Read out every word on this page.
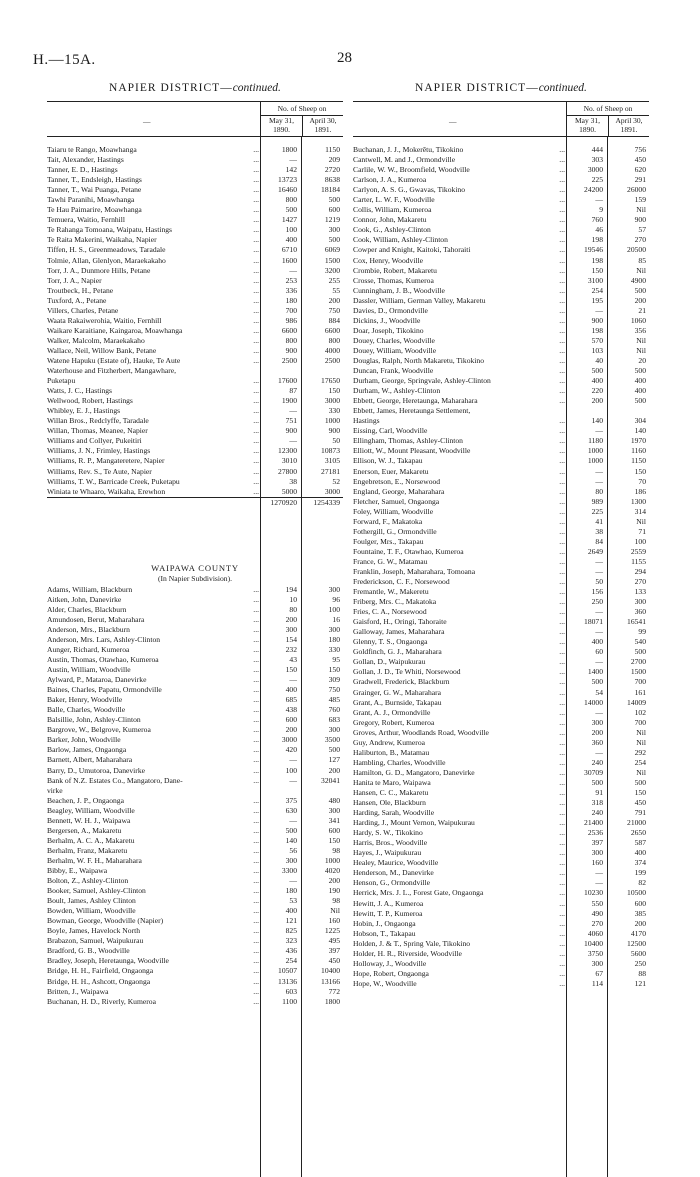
H.—15A.	28
NAPIER DISTRICT—continued.
—
No. of Sheep on
May 31, 1890.
April 30, 1891.
Taiaru te Rango, Moawhanga	...	1800	1150
Tait, Alexander, Hastings	...	—	209
Tanner, E. D., Hastings	...	142	2720
Tanner, T., Endsleigh, Hastings	...	13723	8638
Tanner, T., Wai Puanga, Petane	...	16460	18184
Tawhi Paranihi, Moawhanga	...	800	500
Te Hau Paimarire, Moawhanga	...	500	600
Temuera, Waitio, Fernhill	...	1427	1219
Te Rahanga Tomoana, Waipatu, Hastings	...	100	300
Te Raita Makerini, Waikaha, Napier	...	400	500
Tiffen, H. S., Greenmeadows, Taradale	...	6710	6069
Tolmie, Allan, Glenlyon, Maraekakaho	...	1600	1500
Torr, J. A., Dunmore Hills, Petane	...	—	3200
Torr, J. A., Napier	...	253	255
Troutbeck, H., Petane	...	336	55
Tuxford, A., Petane	...	180	200
Villers, Charles, Petane	...	700	750
Waata Rakaiwerohia, Waitio, Fernhill	...	986	884
Waikare Karaitiane, Kaingaroa, Moawhanga	...	6600	6600
Walker, Malcolm, Maraekakaho	...	800	800
Wallace, Neil, Willow Bank, Petane	...	900	4000
Watene Hapuku (Estate of), Hauke, Te Aute	...	2500	2500
Waterhouse and Fitzherbert, Mangawhare,
Puketapu	...	17600	17650
Watts, J. C., Hastings	...	87	150
Wellwood, Robert, Hastings	...	1900	3000
Whibley, E. J., Hastings	...	—	330
Willan Bros., Redclyffe, Taradale	...	751	1000
Willan, Thomas, Meanee, Napier	...	900	900
Williams and Collyer, Pukeitiri	...	—	50
Williams, J. N., Frimley, Hastings	...	12300	10873
Williams, R. P., Mangateretere, Napier	...	3010	3105
Williams, Rev. S., Te Aute, Napier	...	27800	27181
Williams, T. W., Barricade Creek, Puketapu	...	38	52
Winiata te Whaaro, Waikaha, Erewhon	...	5000	3000
1270920	1254339
WAIPAWA COUNTY
(In Napier Subdivision).
Adams, William, Blackburn	...	194	300
Aitken, John, Danevirke	...	10	96
Alder, Charles, Blackburn	...	80	100
Amundosen, Berut, Maharahara	...	200	16
Anderson, Mrs., Blackburn	...	300	300
Anderson, Mrs. Lars, Ashley-Clinton	...	154	180
Aunger, Richard, Kumeroa	...	232	330
Austin, Thomas, Otawhao, Kumeroa	...	43	95
Austin, William, Woodville	...	150	150
Aylward, P., Mataroa, Danevirke	...	—	309
Baines, Charles, Papatu, Ormondville	...	400	750
Baker, Henry, Woodville	...	685	485
Balle, Charles, Woodville	...	438	760
Balsillie, John, Ashley-Clinton	...	600	683
Bargrove, W., Belgrove, Kumeroa	...	200	300
Barker, John, Woodville	...	3000	3500
Barlow, James, Ongaonga	...	420	500
Barnett, Albert, Maharahara	...	—	127
Barry, D., Umutoroa, Danevirke	...	100	200
Bank of N.Z. Estates Co., Mangatoro, Dane-	...	—	32041
virke
Beachen, J. P., Ongaonga	...	375	480
Beagley, William, Woodville	...	630	300
Bennett, W. H. J., Waipawa	...	—	341
Bergersen, A., Makaretu	...	500	600
Berhalm, A. C. A., Makaretu	...	140	150
Berhalm, Franz, Makaretu	...	56	98
Berhalm, W. F. H., Maharahara	...	300	1000
Bibby, E., Waipawa	...	3300	4020
Bolton, Z., Ashley-Clinton	...	—	200
Booker, Samuel, Ashley-Clinton	...	180	190
Boult, James, Ashley Clinton	...	53	98
Bowden, William, Woodville	...	400	Nil
Bowman, George, Woodville (Napier)	...	121	160
Boyle, James, Havelock North	...	825	1225
Brabazon, Samuel, Waipukurau	...	323	495
Bradford, G. B., Woodville	...	436	397
Bradley, Joseph, Heretaunga, Woodville	...	254	450
Bridge, H. H., Fairfield, Ongaonga	...	10507	10400
Bridge, H. H., Ashcott, Ongaonga	...	13136	13166
Britten, J., Waipawa	...	603	772
Buchanan, H. D., Riverly, Kumeroa	...	1100	1800
NAPIER DISTRICT—continued.
—
No. of Sheep on
May 31, 1890.
April 30, 1891.
Buchanan, J. J., Mokerētu, Tikokino	...	444	756
Cantwell, M. and J., Ormondville	...	303	450
Carlile, W. W., Broomfield, Woodville	...	3000	620
Carlson, J. A., Kumeroa	...	225	291
Carlyon, A. S. G., Gwavas, Tikokino	...	24200	26000
Carter, L. W. F., Woodville	...	—	159
Collis, William, Kumeroa	...	9	Nil
Connor, John, Makaretu	...	760	900
Cook, G., Ashley-Clinton	...	46	57
Cook, William, Ashley-Clinton	...	198	270
Cowper and Knight, Kaitoki, Tahoraiti	...	19546	20500
Cox, Henry, Woodville	...	198	85
Crombie, Robert, Makaretu	...	150	Nil
Crosse, Thomas, Kumeroa	...	3100	4900
Cunningham, J. B., Woodville	...	254	500
Dassler, William, German Valley, Makaretu	...	195	200
Davies, D., Ormondville	...	—	21
Dickins, J., Woodville	...	900	1060
Doar, Joseph, Tikokino	...	198	356
Douey, Charles, Woodville	...	570	Nil
Douey, William, Woodville	...	103	Nil
Douglas, Ralph, North Makaretu, Tikokino	...	40	20
Duncan, Frank, Woodville	...	500	500
Durham, George, Springvale, Ashley-Clinton	...	400	400
Durham, W., Ashley-Clinton	...	220	400
Ebbett, George, Heretaunga, Maharahara	...	200	500
Ebbett, James, Heretaunga Settlement,
Hastings	...	140	304
Eissing, Carl, Woodville	...	—	140
Ellingham, Thomas, Ashley-Clinton	...	1180	1970
Elliott, W., Mount Pleasant, Woodville	...	1000	1160
Ellison, W. J., Takapau	...	1000	1150
Enerson, Euer, Makaretu	...	—	150
Engebretson, E., Norsewood	...	—	70
England, George, Maharahara	...	80	186
Fletcher, Samuel, Ongaonga	...	989	1300
Foley, William, Woodville	...	225	314
Forward, F., Makatoka	...	41	Nil
Fothergill, G., Ormondville	...	38	71
Foulger, Mrs., Takapau	...	84	100
Fountaine, T. F., Otawhao, Kumeroa	...	2649	2559
France, G. W., Matamau	...	—	1155
Franklin, Joseph, Maharahara, Tomoana	...	—	294
Frederickson, C. F., Norsewood	...	50	270
Fremantle, W., Makeretu	...	156	133
Friberg, Mrs. C., Makatoka	...	250	300
Fries, C. A., Norsewood	...	—	360
Gaisford, H., Oringi, Tahoraite	...	18071	16541
Galloway, James, Maharahara	...	—	99
Glenny, T. S., Ongaonga	...	400	540
Goldfinch, G. J., Maharahara	...	60	500
Gollan, D., Waipukurau	...	—	2700
Gollan, J. D., Te Whiti, Norsewood	...	1400	1500
Gradwell, Frederick, Blackburn	...	500	700
Grainger, G. W., Maharahara	...	54	161
Grant, A., Burnside, Takapau	...	14000	14009
Grant, A. J., Ormondville	...	—	102
Gregory, Robert, Kumeroa	...	300	700
Groves, Arthur, Woodlands Road, Woodville	...	200	Nil
Guy, Andrew, Kumeroa	...	360	Nil
Haliburton, B., Matamau	...	—	292
Hambling, Charles, Woodville	...	240	254
Hamilton, G. D., Mangatoro, Danevirke	...	30709	Nil
Hanita te Maro, Waipawa	...	500	500
Hansen, C. C., Makaretu	...	91	150
Hansen, Ole, Blackburn	...	318	450
Harding, Sarah, Woodville	...	240	791
Harding, J., Mount Vernon, Waipukurau	...	21400	21000
Hardy, S. W., Tikokino	...	2536	2650
Harris, Bros., Woodville	...	397	587
Hayes, J., Waipukurau	...	300	400
Healey, Maurice, Woodville	...	160	374
Henderson, M., Danevirke	...	—	199
Henson, G., Ormondville	...	—	82
Herrick, Mrs. J. L., Forest Gate, Ongaonga	...	10230	10500
Hewitt, J. A., Kumeroa	...	550	600
Hewitt, T. P., Kumeroa	...	490	385
Hobin, J., Ongaonga	...	270	200
Hobson, T., Takapau	...	4060	4170
Holden, J. & T., Spring Vale, Tikokino	...	10400	12500
Holder, H. R., Riverside, Woodville	...	3750	5600
Holloway, J., Woodville	...	300	250
Hope, Robert, Ongaonga	...	67	88
Hope, W., Woodville	...	114	121
